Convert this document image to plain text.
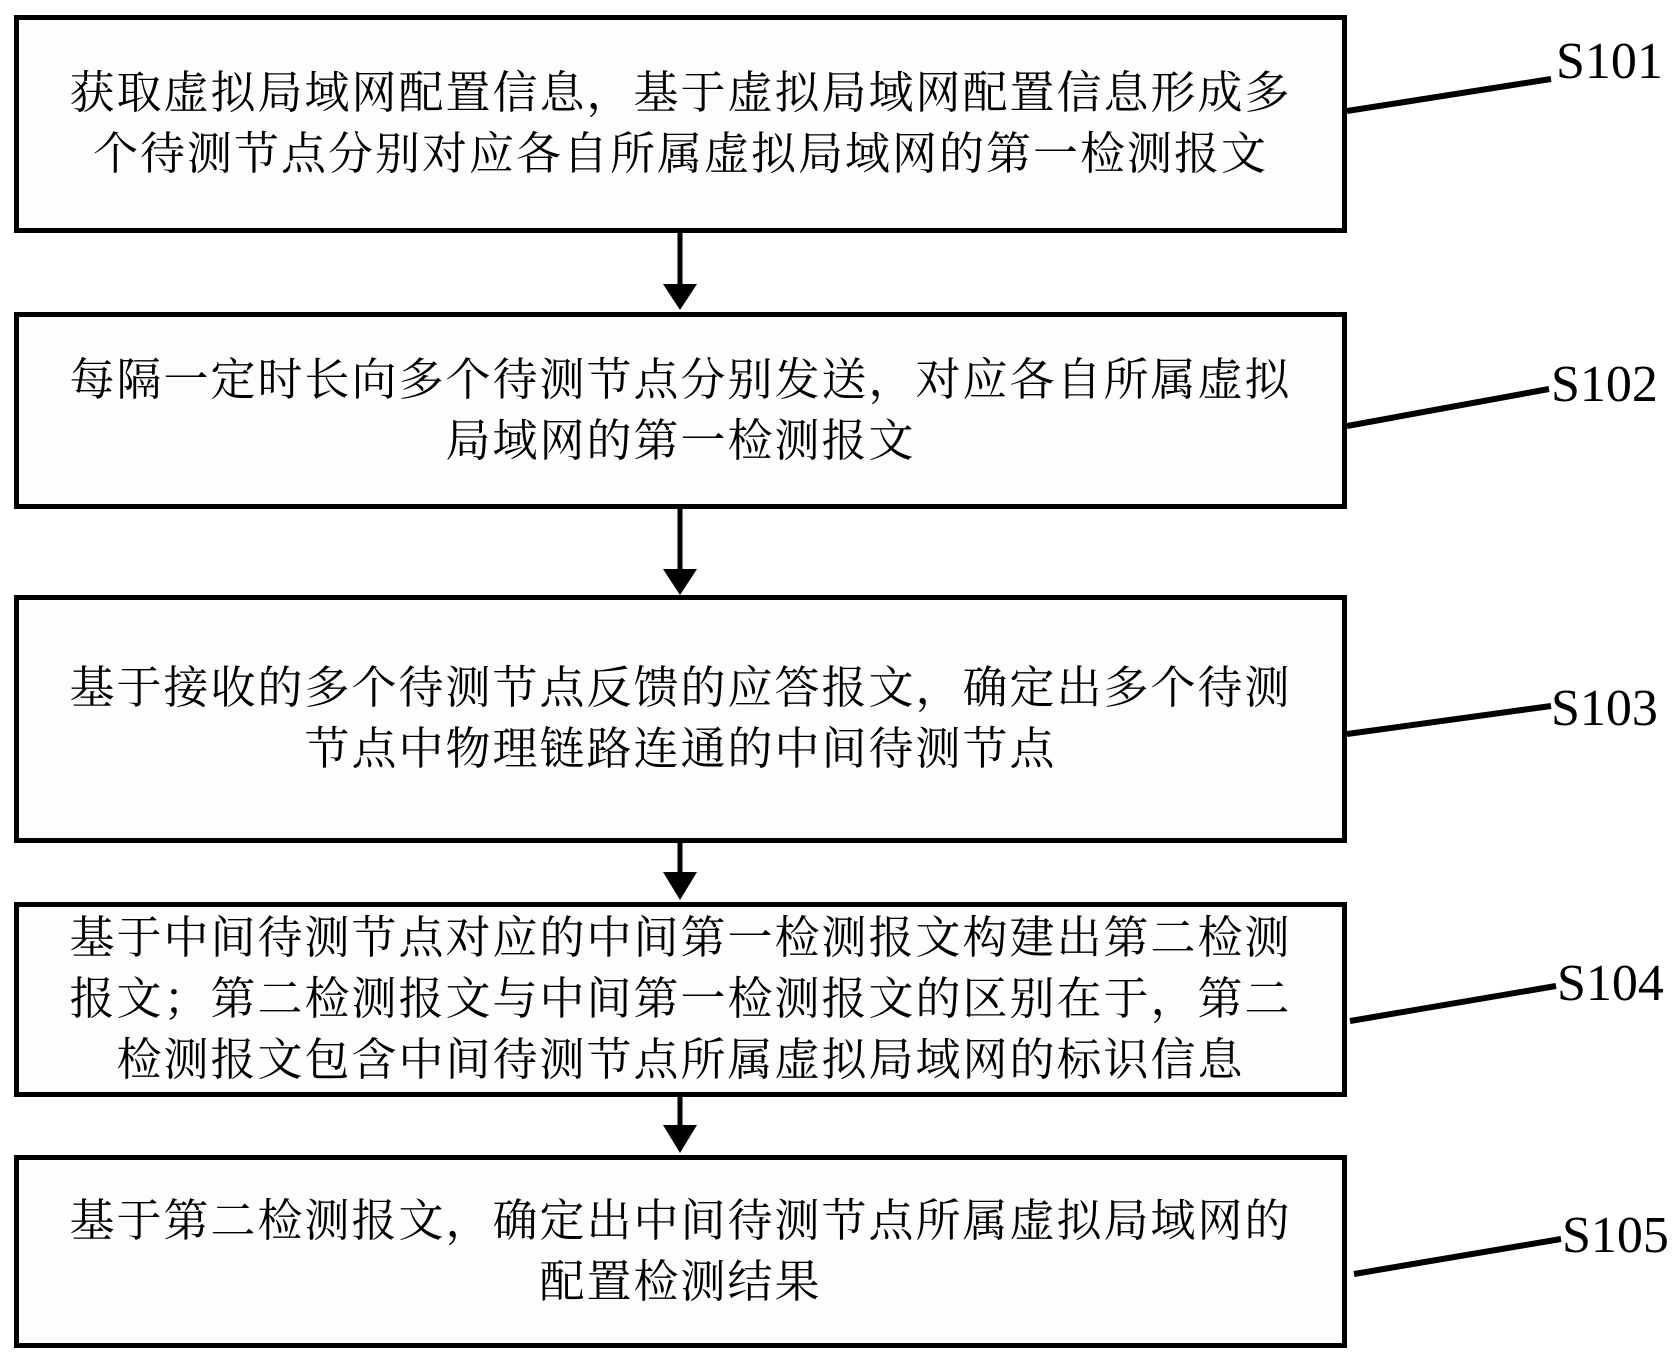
获取虚拟局域网配置信息，基于虚拟局域网配置信息形成多
个待测节点分别对应各自所属虚拟局域网的第一检测报文
每隔一定时长向多个待测节点分别发送，对应各自所属虚拟
局域网的第一检测报文
基于接收的多个待测节点反馈的应答报文，确定出多个待测
节点中物理链路连通的中间待测节点
基于中间待测节点对应的中间第一检测报文构建出第二检测
报文；第二检测报文与中间第一检测报文的区别在于，第二
检测报文包含中间待测节点所属虚拟局域网的标识信息
基于第二检测报文，确定出中间待测节点所属虚拟局域网的
配置检测结果
S101
S102
S103
S104
S105
